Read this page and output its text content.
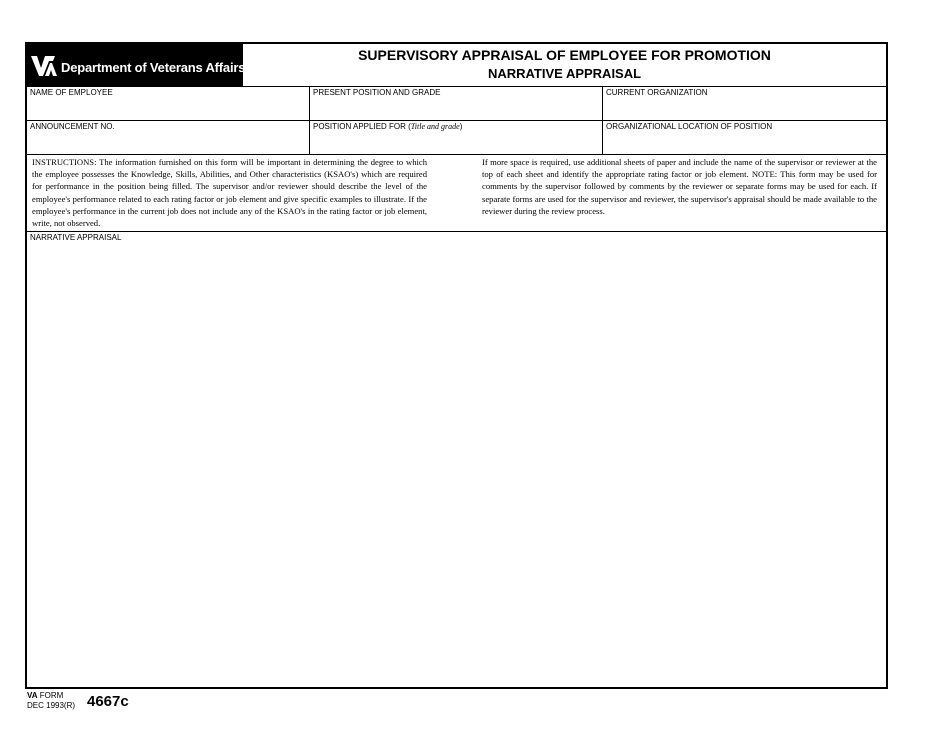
Department of Veterans Affairs
SUPERVISORY APPRAISAL OF EMPLOYEE FOR PROMOTION
NARRATIVE APPRAISAL
NAME OF EMPLOYEE	PRESENT POSITION AND GRADE	CURRENT ORGANIZATION
ANNOUNCEMENT NO.	POSITION APPLIED FOR (Title and grade)	ORGANIZATIONAL LOCATION OF POSITION
INSTRUCTIONS: The information furnished on this form will be important in determining the degree to which the employee possesses the Knowledge, Skills, Abilities, and Other characteristics (KSAO's) which are required for performance in the position being filled. The supervisor and/or reviewer should describe the level of the employee's performance related to each rating factor or job element and give specific examples to illustrate. If the employee's performance in the current job does not include any of the KSAO's in the rating factor or job element, write, not observed.
If more space is required, use additional sheets of paper and include the name of the supervisor or reviewer at the top of each sheet and identify the appropriate rating factor or job element. NOTE: This form may be used for comments by the supervisor followed by comments by the reviewer or separate forms may be used for each. If separate forms are used for the supervisor and reviewer, the supervisor's appraisal should be made available to the reviewer during the review process.
NARRATIVE APPRAISAL
VA FORM
DEC 1993(R) 4667c
